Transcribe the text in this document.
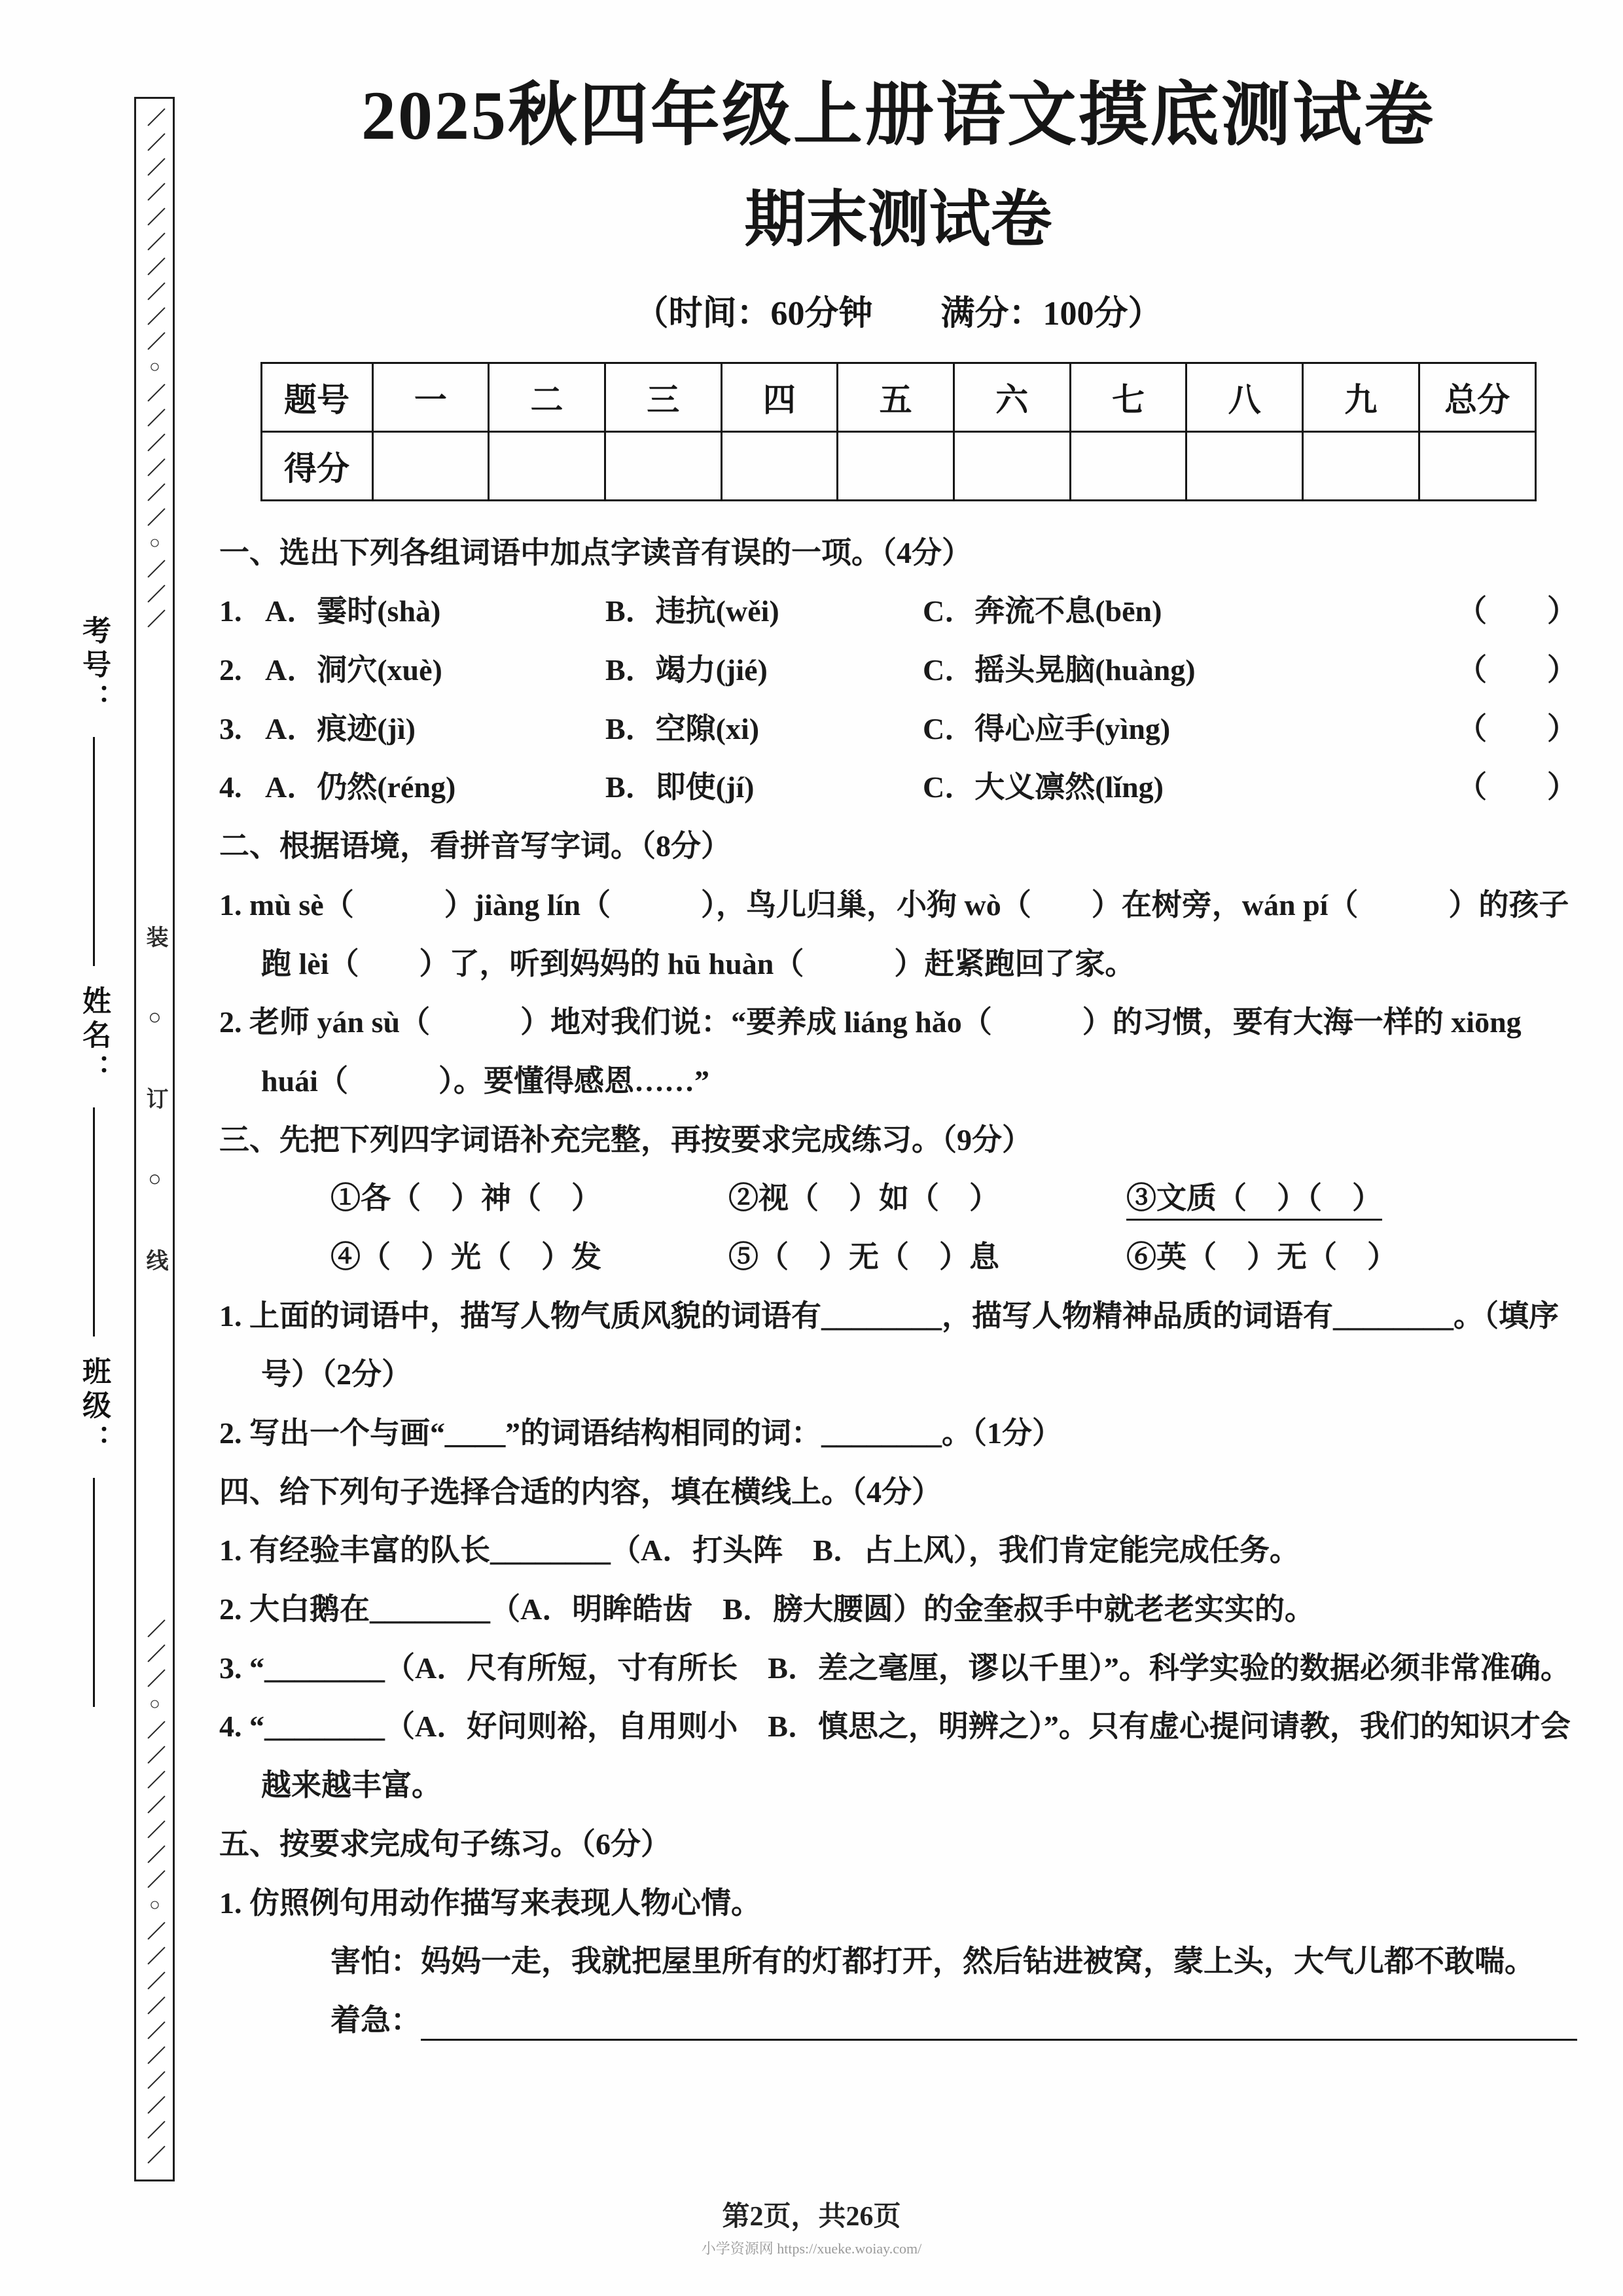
／／／／／／／／／／○／／／／／／○／／／
装○订○线
／／／○／／／／／／／○／／／／／／／／／／
考号：
姓名：
班级：
2025秋四年级上册语文摸底测试卷
期末测试卷
（时间：60分钟　　满分：100分）
题号	一	二	三	四	五	六	七	八	九	总分
得分										

一、选出下列各组词语中加点字读音有误的一项。（4分）

1. A．霎时(shà)	B．违抗(wěi)	C．奔流不息(bēn)	（　　）
2. A．洞穴(xuè)	B．竭力(jié)	C．摇头晃脑(huàng)	（　　）
3. A．痕迹(jì)	B．空隙(xi)	C．得心应手(yìng)	（　　）
4. A．仍然(réng)	B．即使(jí)	C．大义凛然(lǐng)	（　　）

二、根据语境，看拼音写字词。（8分）

1. mù sè（　　　）jiàng lín（　　　），鸟儿归巢，小狗 wò（　　）在树旁，wán pí（　　　）的孩子跑 lèi（　　）了，听到妈妈的 hū huàn（　　　）赶紧跑回了家。

2. 老师 yán sù（　　　）地对我们说：“要养成 liáng hǎo（　　　）的习惯，要有大海一样的 xiōng huái（　　　）。要懂得感恩……”

三、先把下列四字词语补充完整，再按要求完成练习。（9分）

①各（　）神（　）	②视（　）如（　）	③文质（　）（　）
④（　）光（　）发	⑤（　）无（　）息	⑥英（　）无（　）

1. 上面的词语中，描写人物气质风貌的词语有________，描写人物精神品质的词语有________。（填序号）（2分）

2. 写出一个与画“＿＿”的词语结构相同的词：________。（1分）

四、给下列句子选择合适的内容，填在横线上。（4分）

1. 有经验丰富的队长________（A．打头阵　B．占上风），我们肯定能完成任务。

2. 大白鹅在________（A．明眸皓齿　B．膀大腰圆）的金奎叔手中就老老实实的。

3. “________（A．尺有所短，寸有所长　B．差之毫厘，谬以千里）”。科学实验的数据必须非常准确。

4. “________（A．好问则裕，自用则小　B．慎思之，明辨之）”。只有虚心提问请教，我们的知识才会越来越丰富。

五、按要求完成句子练习。（6分）

1. 仿照例句用动作描写来表现人物心情。

害怕：妈妈一走，我就把屋里所有的灯都打开，然后钻进被窝，蒙上头，大气儿都不敢喘。

着急：
第2页，共26页
小学资源网 https://xueke.woiay.com/
